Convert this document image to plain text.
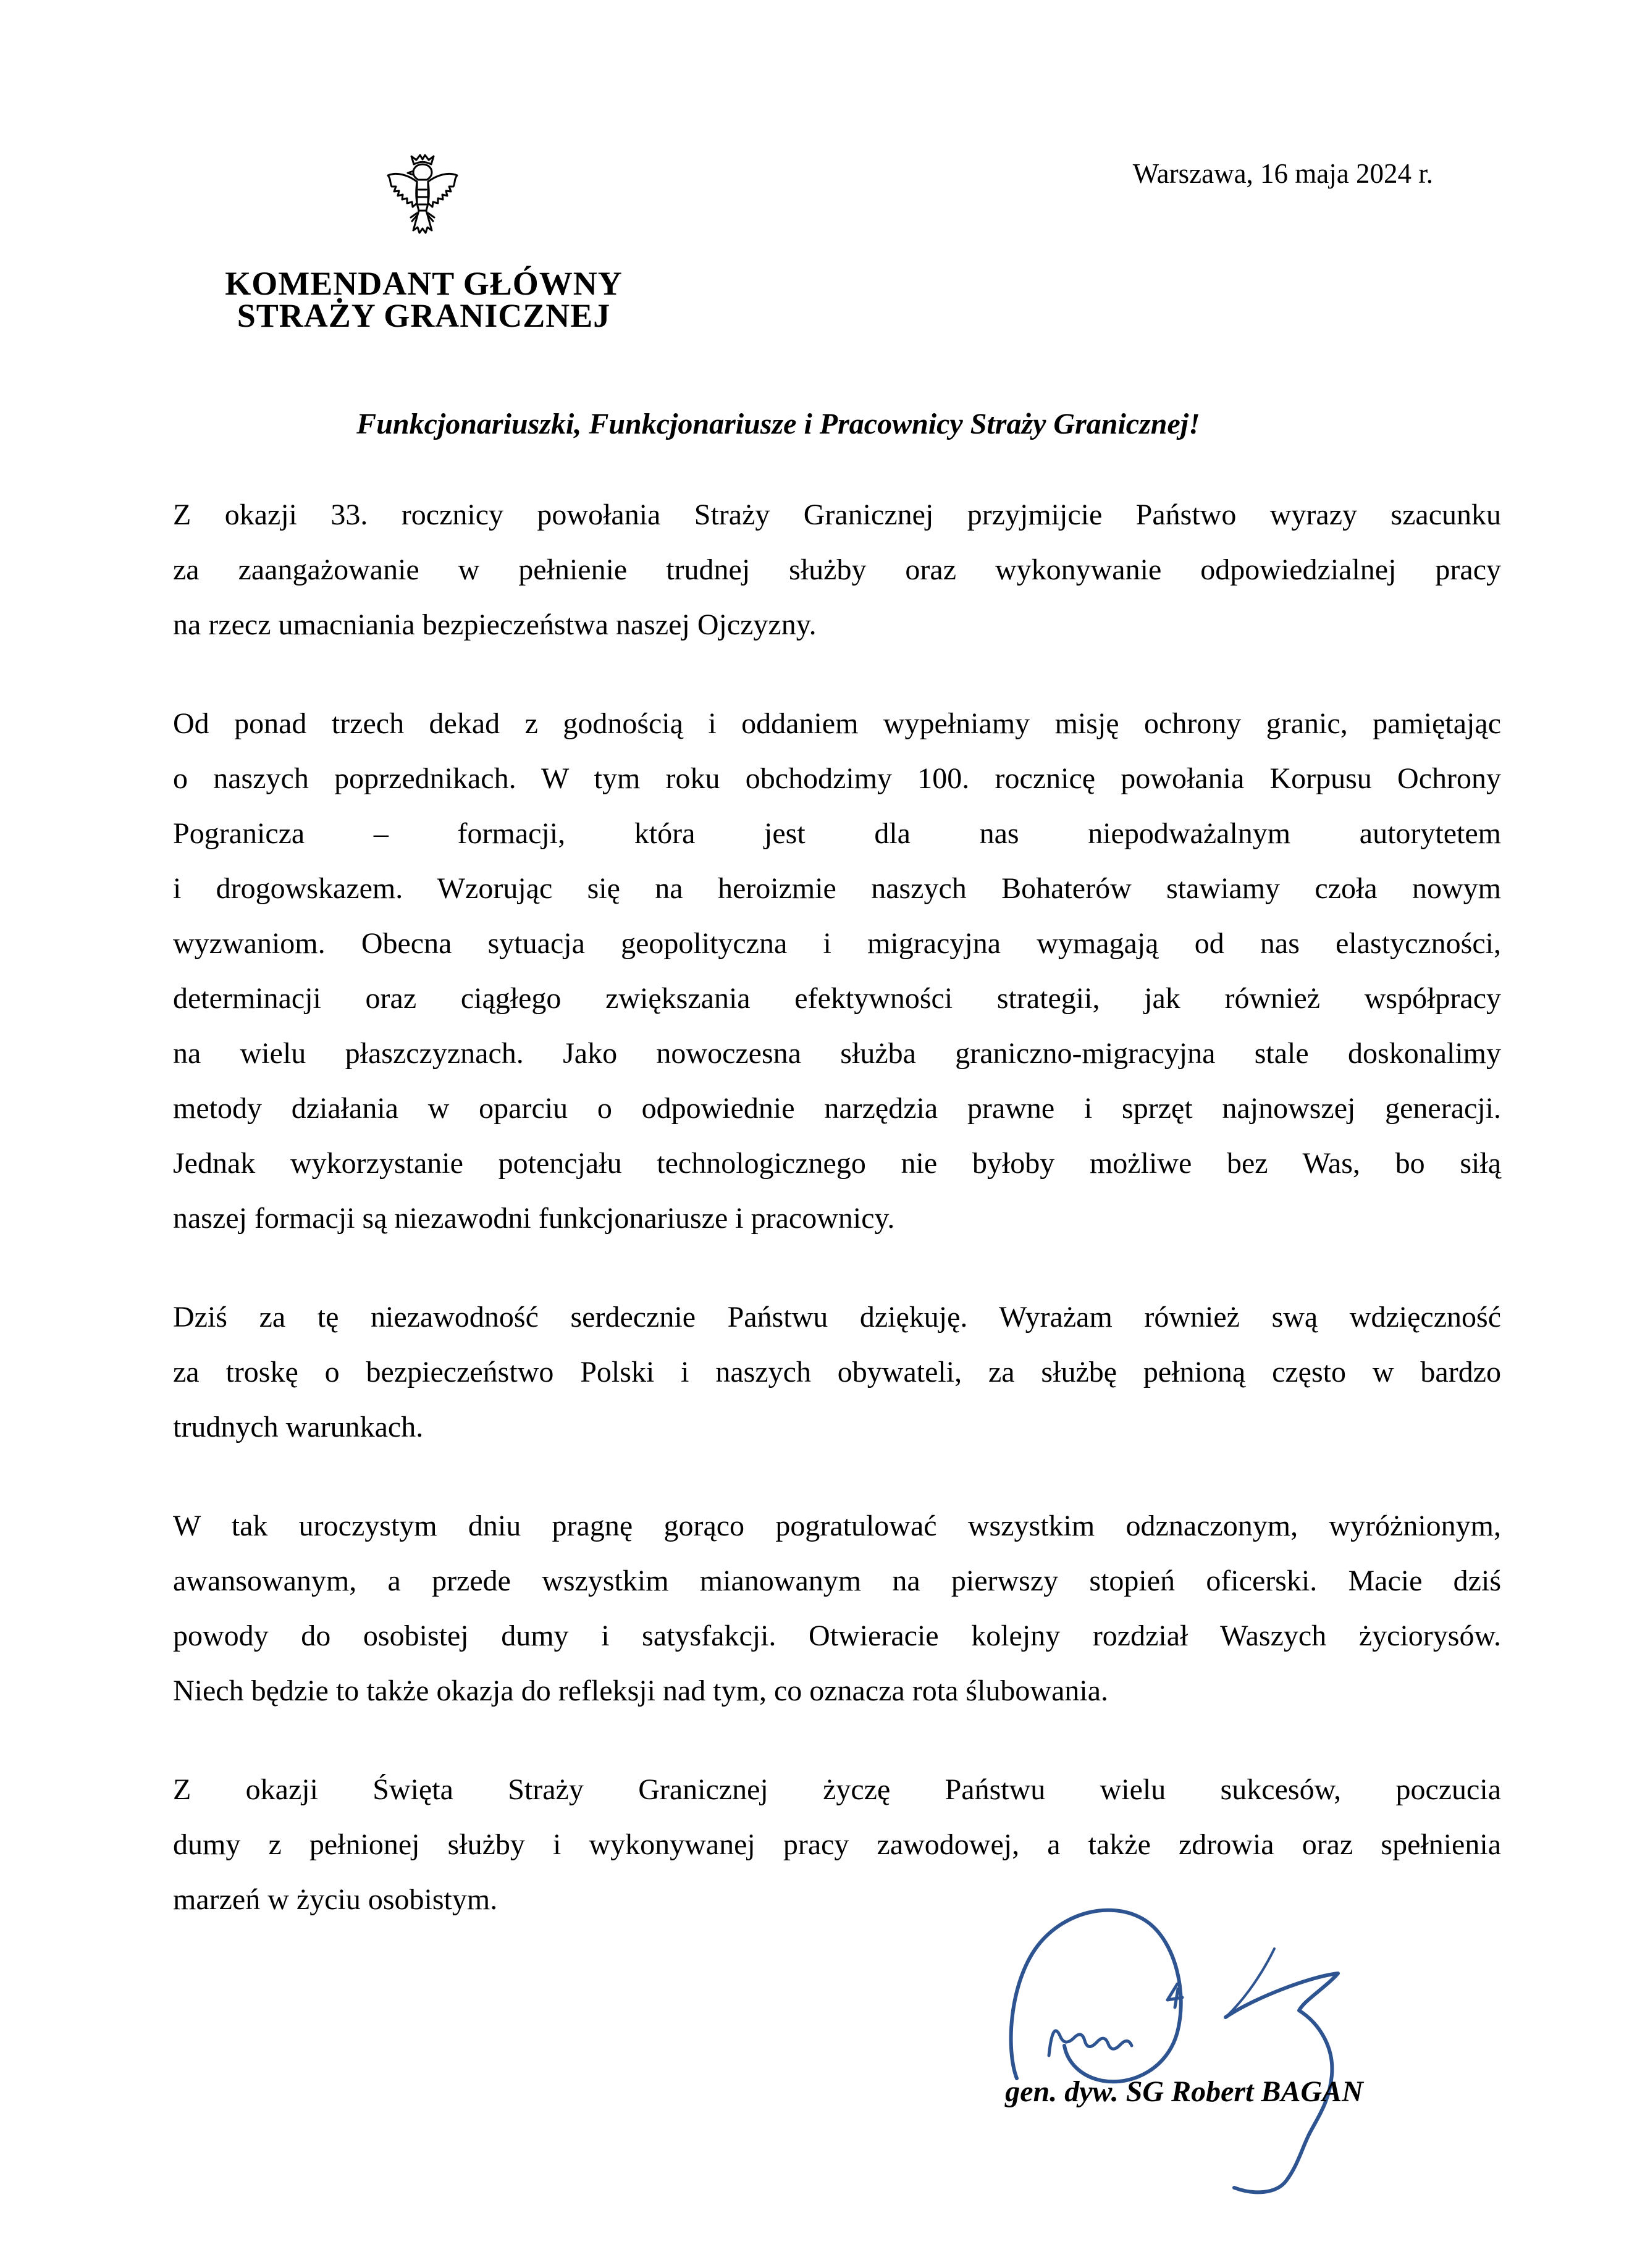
Warszawa, 16 maja 2024 r.
KOMENDANT GŁÓWNY
STRAŻY GRANICZNEJ
Funkcjonariuszki, Funkcjonariusze i Pracownicy Straży Granicznej!
Z okazji 33. rocznicy powołania Straży Granicznej przyjmijcie Państwo wyrazy szacunku
za zaangażowanie w pełnienie trudnej służby oraz wykonywanie odpowiedzialnej pracy
na rzecz umacniania bezpieczeństwa naszej Ojczyzny.
Od ponad trzech dekad z godnością i oddaniem wypełniamy misję ochrony granic, pamiętając
o naszych poprzednikach. W tym roku obchodzimy 100. rocznicę powołania Korpusu Ochrony
Pogranicza – formacji, która jest dla nas niepodważalnym autorytetem
i drogowskazem. Wzorując się na heroizmie naszych Bohaterów stawiamy czoła nowym
wyzwaniom. Obecna sytuacja geopolityczna i migracyjna wymagają od nas elastyczności,
determinacji oraz ciągłego zwiększania efektywności strategii, jak również współpracy
na wielu płaszczyznach. Jako nowoczesna służba graniczno-migracyjna stale doskonalimy
metody działania w oparciu o odpowiednie narzędzia prawne i sprzęt najnowszej generacji.
Jednak wykorzystanie potencjału technologicznego nie byłoby możliwe bez Was, bo siłą
naszej formacji są niezawodni funkcjonariusze i pracownicy.
Dziś za tę niezawodność serdecznie Państwu dziękuję. Wyrażam również swą wdzięczność
za troskę o bezpieczeństwo Polski i naszych obywateli, za służbę pełnioną często w bardzo
trudnych warunkach.
W tak uroczystym dniu pragnę gorąco pogratulować wszystkim odznaczonym, wyróżnionym,
awansowanym, a przede wszystkim mianowanym na pierwszy stopień oficerski. Macie dziś
powody do osobistej dumy i satysfakcji. Otwieracie kolejny rozdział Waszych życiorysów.
Niech będzie to także okazja do refleksji nad tym, co oznacza rota ślubowania.
Z okazji Święta Straży Granicznej życzę Państwu wielu sukcesów, poczucia
dumy z pełnionej służby i wykonywanej pracy zawodowej, a także zdrowia oraz spełnienia
marzeń w życiu osobistym.
gen. dyw. SG Robert BAGAN
